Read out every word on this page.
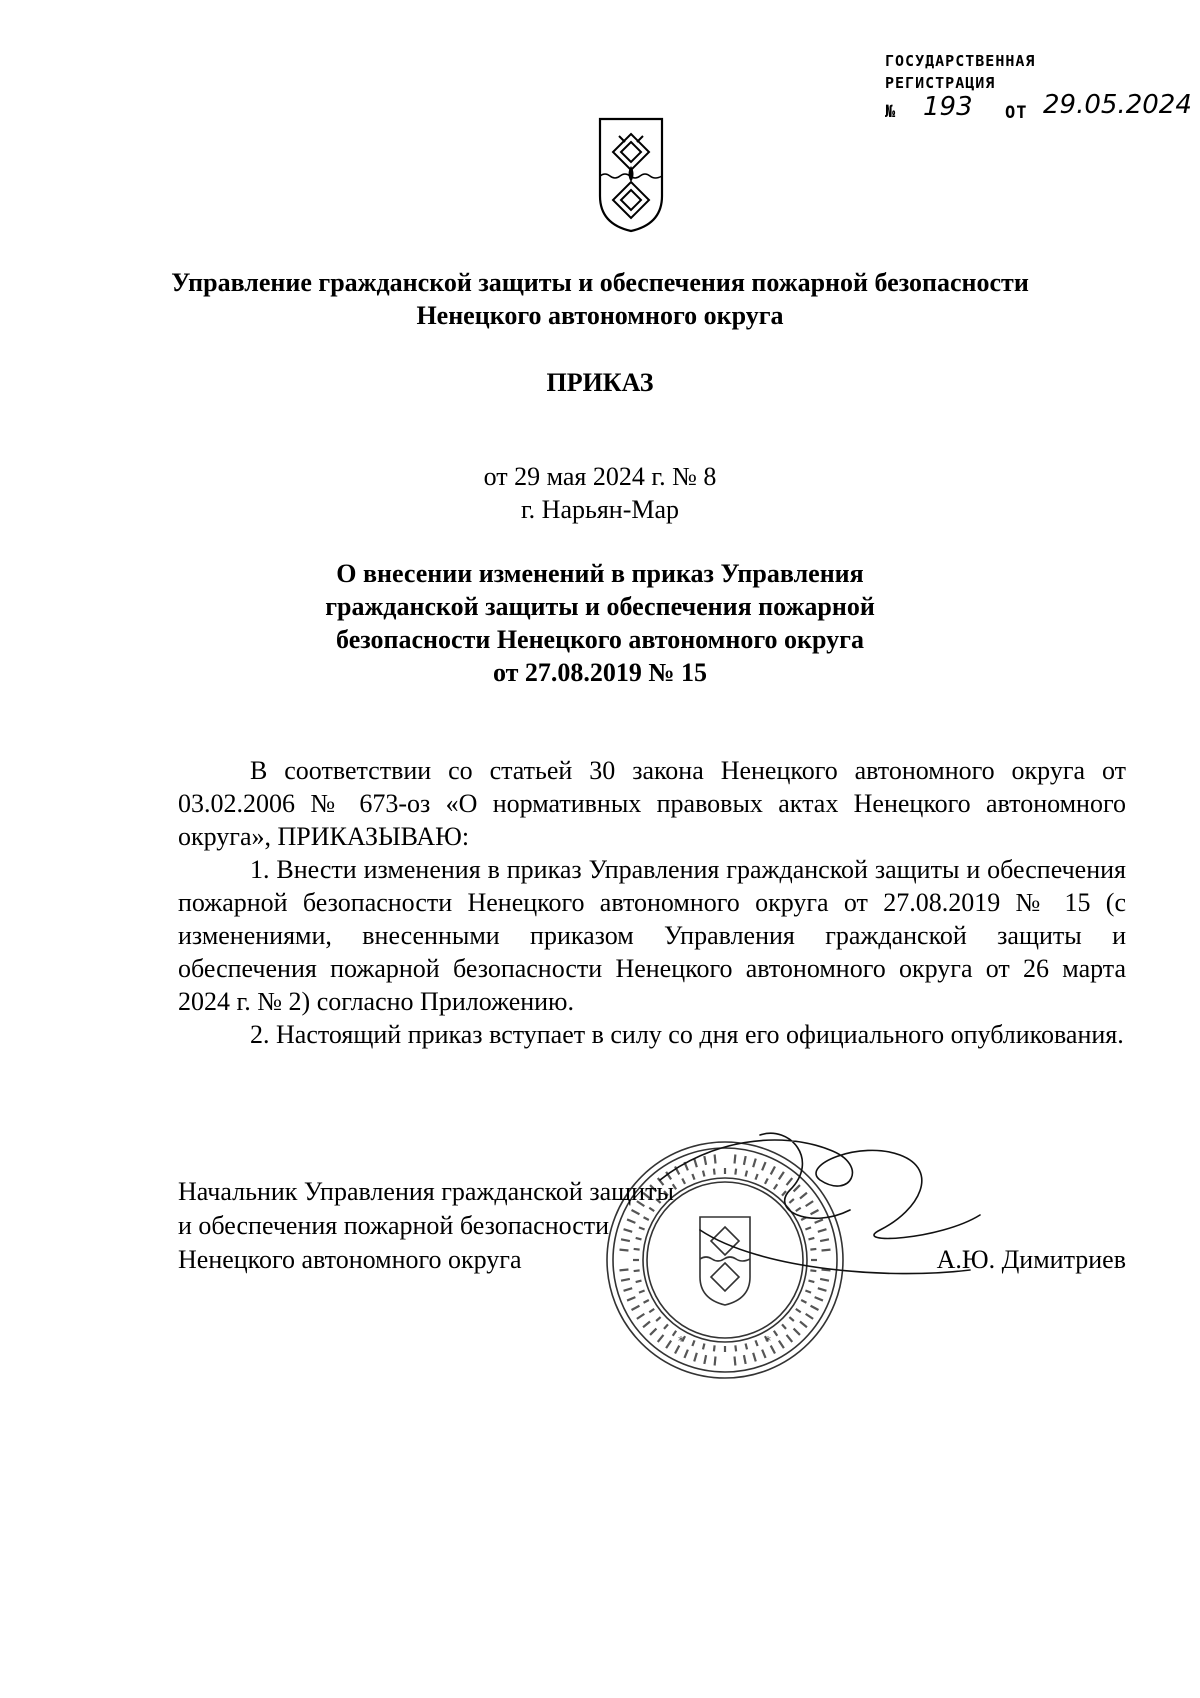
ГОСУДАРСТВЕННАЯ
РЕГИСТРАЦИЯ
№ 193 ОТ 29.05.2024
Управление гражданской защиты и обеспечения пожарной безопасности
Ненецкого автономного округа
ПРИКАЗ
от 29 мая 2024 г. № 8
г. Нарьян-Мар
О внесении изменений в приказ Управления
гражданской защиты и обеспечения пожарной
безопасности Ненецкого автономного округа
от 27.08.2019 № 15

В соответствии со статьей 30 закона Ненецкого автономного округа от 03.02.2006 № 673-оз «О нормативных правовых актах Ненецкого автономного округа», ПРИКАЗЫВАЮ:

1. Внести изменения в приказ Управления гражданской защиты и обеспечения пожарной безопасности Ненецкого автономного округа от 27.08.2019 № 15 (с изменениями, внесенными приказом Управления гражданской защиты и обеспечения пожарной безопасности Ненецкого автономного округа от 26 марта 2024 г. № 2) согласно Приложению.

2. Настоящий приказ вступает в силу со дня его официального опубликования.

*	*
Начальник Управления гражданской защиты
и обеспечения пожарной безопасности
Ненецкого автономного округа	А.Ю. Димитриев
